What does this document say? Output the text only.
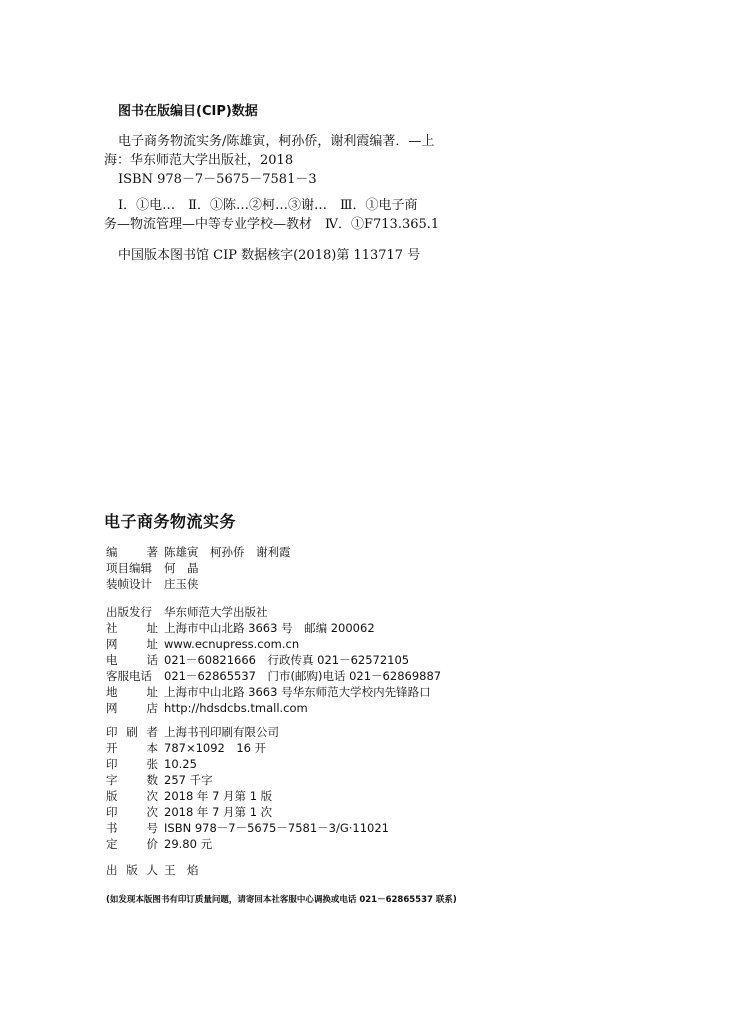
图书在版编目(CIP)数据
电子商务物流实务/陈雄寅，柯孙侨，谢利霞编著．—上
海：华东师范大学出版社，2018
ISBN 978－7－5675－7581－3
Ⅰ．①电…　Ⅱ．①陈…②柯…③谢…　Ⅲ．①电子商
务—物流管理—中等专业学校—教材　Ⅳ．①F713.365.1
中国版本图书馆 CIP 数据核字(2018)第 113717 号
电子商务物流实务
编	著 陈雄寅　柯孙侨　谢利霞
项目编辑	何　晶
装帧设计	庄玉侠
出版发行	华东师范大学出版社
社	址 上海市中山北路 3663 号　邮编 200062
网	址 www.ecnupress.com.cn
电	话 021－60821666　行政传真 021－62572105
客服电话	021－62865537　门市(邮购)电话 021－62869887
地	址 上海市中山北路 3663 号华东师范大学校内先锋路口
网	店 http://hdsdcbs.tmall.com
印 刷 者 上海书刊印刷有限公司
开	本 787×1092　16 开
印	张 10.25
字	数 257 千字
版	次 2018 年 7 月第 1 版
印	次 2018 年 7 月第 1 次
书	号 ISBN 978－7－5675－7581－3/G·11021
定	价 29.80 元
出 版 人 王　焰
(如发现本版图书有印订质量问题，请寄回本社客服中心调换或电话 021－62865537 联系)
